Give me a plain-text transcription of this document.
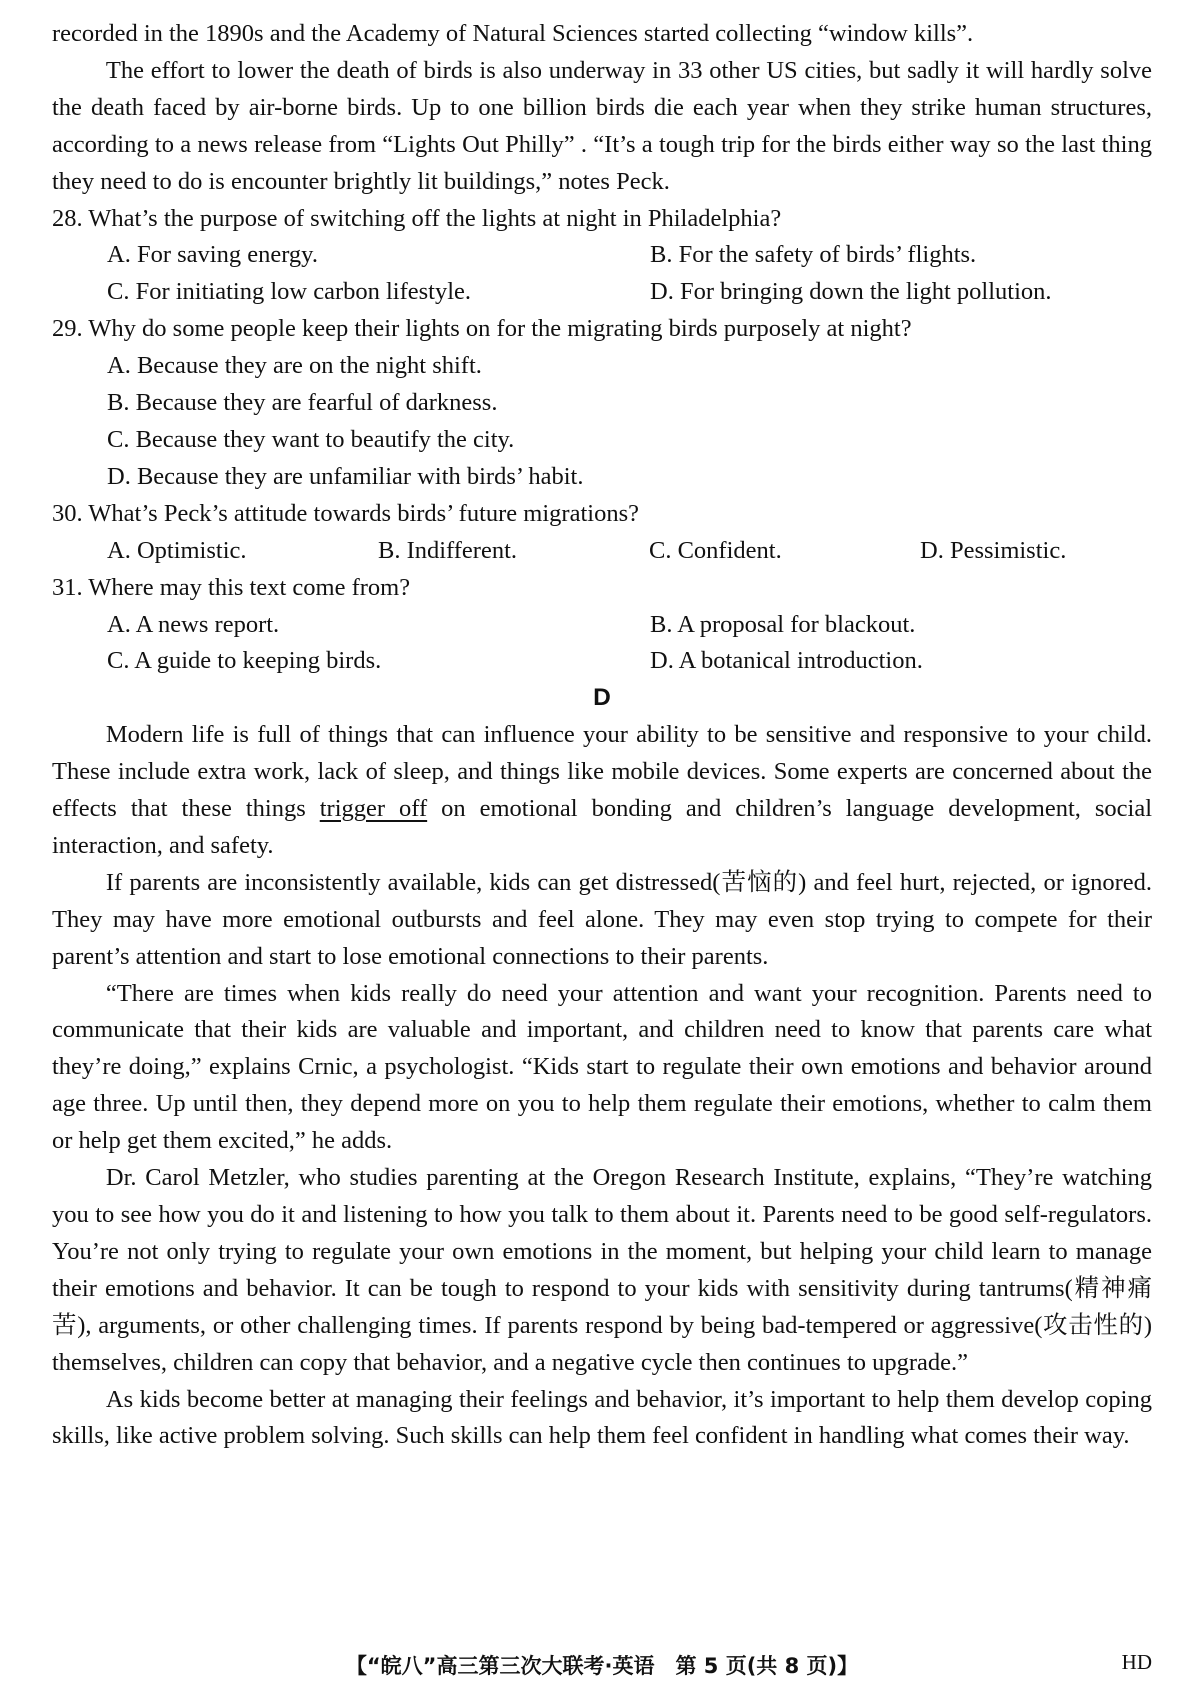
recorded in the 1890s and the Academy of Natural Sciences started collecting “window kills”.

The effort to lower the death of birds is also underway in 33 other US cities, but sadly it will hardly solve the death faced by air-borne birds. Up to one billion birds die each year when they strike human structures, according to a news release from “Lights Out Philly” . “It’s a tough trip for the birds either way so the last thing they need to do is encounter brightly lit buildings,” notes Peck.

28. What’s the purpose of switching off the lights at night in Philadelphia?

A. For saving energy.	B. For the safety of birds’ flights.
C. For initiating low carbon lifestyle.	D. For bringing down the light pollution.

29. Why do some people keep their lights on for the migrating birds purposely at night?

A. Because they are on the night shift.
B. Because they are fearful of darkness.
C. Because they want to beautify the city.
D. Because they are unfamiliar with birds’ habit.

30. What’s Peck’s attitude towards birds’ future migrations?

A. Optimistic.	B. Indifferent.	C. Confident.	D. Pessimistic.

31. Where may this text come from?

A. A news report.	B. A proposal for blackout.
C. A guide to keeping birds.	D. A botanical introduction.

D

Modern life is full of things that can influence your ability to be sensitive and responsive to your child. These include extra work, lack of sleep, and things like mobile devices. Some experts are concerned about the effects that these things trigger off on emotional bonding and children’s language development, social interaction, and safety.

If parents are inconsistently available, kids can get distressed(苦恼的) and feel hurt, rejected, or ignored. They may have more emotional outbursts and feel alone. They may even stop trying to compete for their parent’s attention and start to lose emotional connections to their parents.

“There are times when kids really do need your attention and want your recognition. Parents need to communicate that their kids are valuable and important, and children need to know that parents care what they’re doing,” explains Crnic, a psychologist. “Kids start to regulate their own emotions and behavior around age three. Up until then, they depend more on you to help them regulate their emotions, whether to calm them or help get them excited,” he adds.

Dr. Carol Metzler, who studies parenting at the Oregon Research Institute, explains, “They’re watching you to see how you do it and listening to how you talk to them about it. Parents need to be good self-regulators. You’re not only trying to regulate your own emotions in the moment, but helping your child learn to manage their emotions and behavior. It can be tough to respond to your kids with sensitivity during tantrums(精神痛苦), arguments, or other challenging times. If parents respond by being bad-tempered or aggressive(攻击性的) themselves, children can copy that behavior, and a negative cycle then continues to upgrade.”

As kids become better at managing their feelings and behavior, it’s important to help them develop coping skills, like active problem solving. Such skills can help them feel confident in handling what comes their way.

【“皖八”高三第三次大联考·英语　第 5 页(共 8 页)】	HD
